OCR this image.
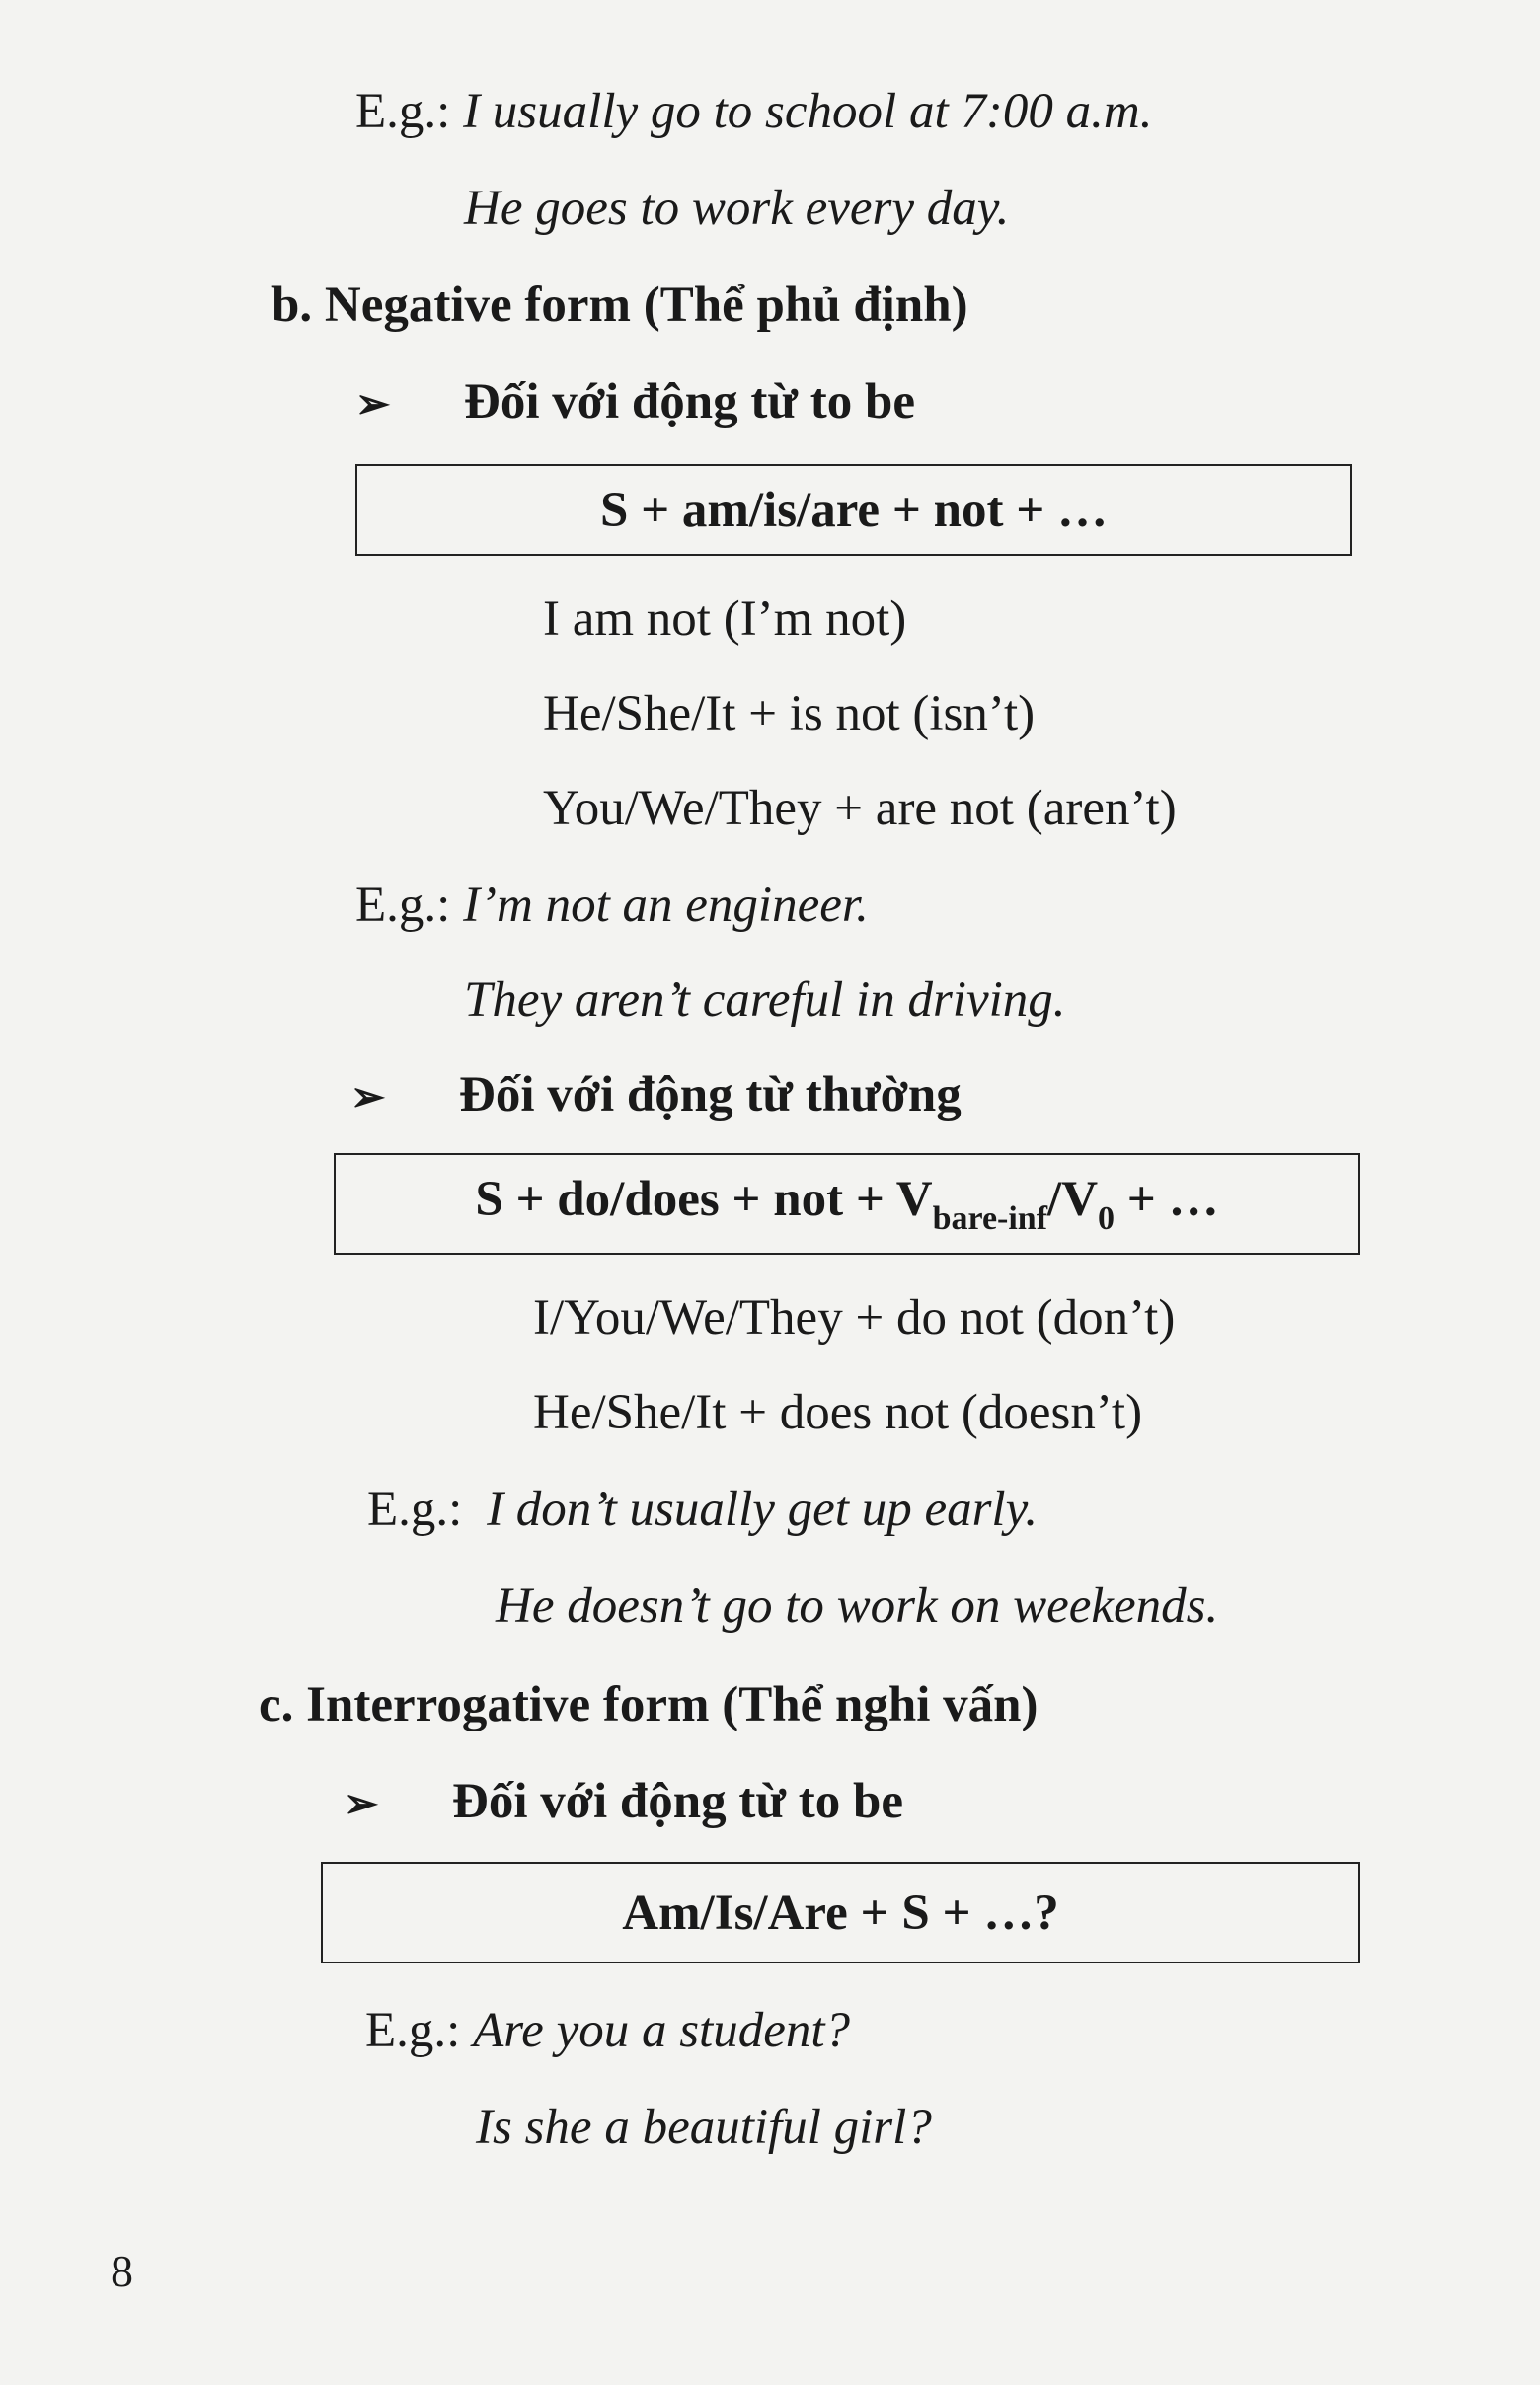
E.g.: I usually go to school at 7:00 a.m.
He goes to work every day.
b. Negative form (Thể phủ định)
➢ Đối với động từ to be
S + am/is/are + not + …
I am not (I’m not)
He/She/It + is not (isn’t)
You/We/They + are not (aren’t)
E.g.: I’m not an engineer.
They aren’t careful in driving.
➢ Đối với động từ thường
S + do/does + not + $V_{bare-inf}/V_0$ + …
I/You/We/They + do not (don’t)
He/She/It + does not (doesn’t)
E.g.: I don’t usually get up early.
He doesn’t go to work on weekends.
c. Interrogative form (Thể nghi vấn)
➢ Đối với động từ to be
Am/Is/Are + S + …?
E.g.: Are you a student?
Is she a beautiful girl?
8
